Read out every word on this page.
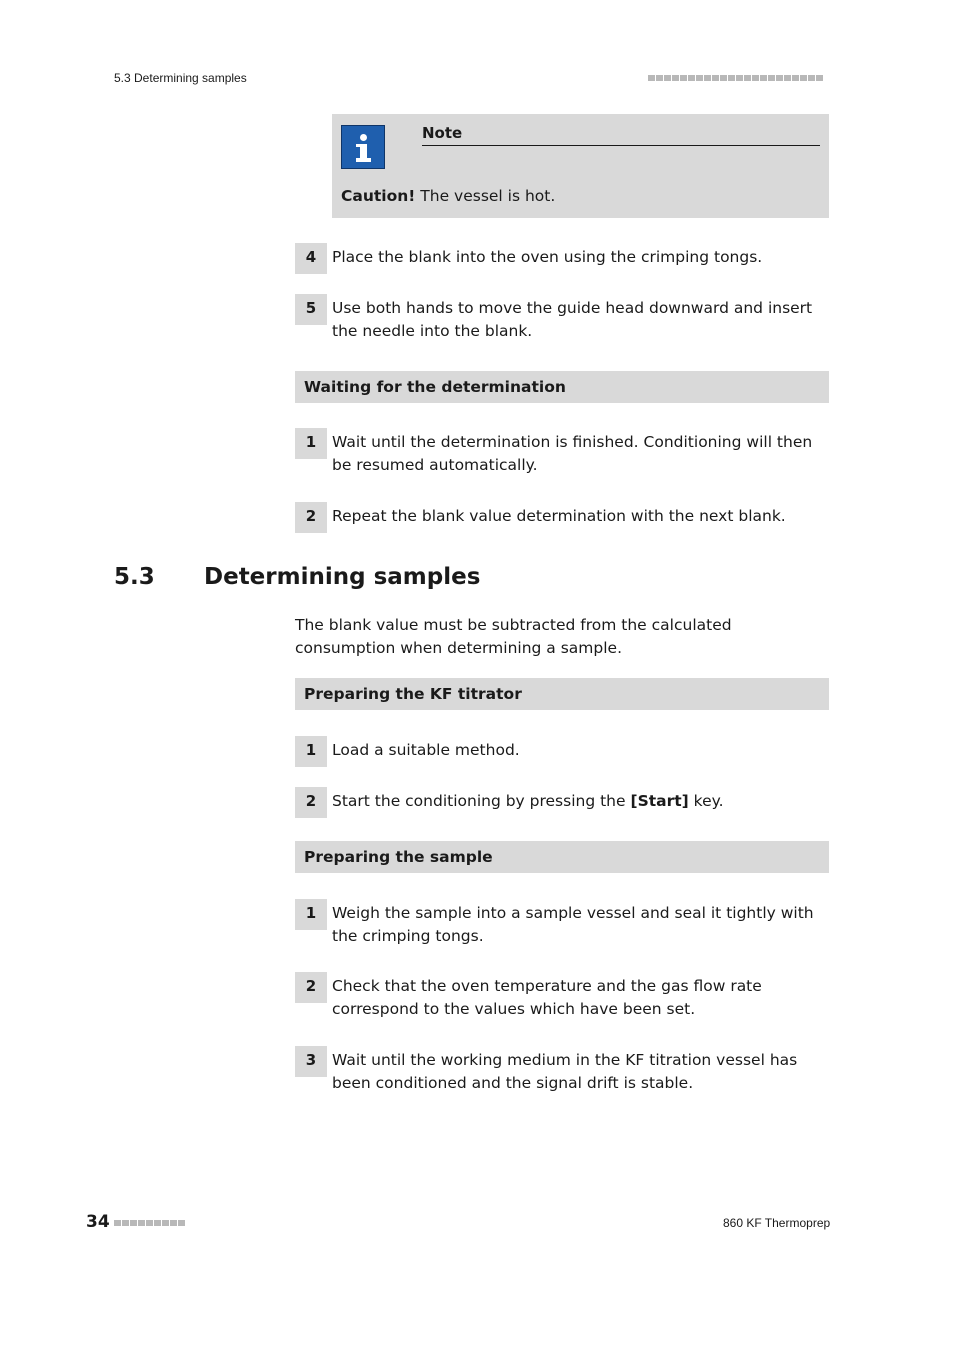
5.3 Determining samples
Note
Caution! The vessel is hot.
4	Place the blank into the oven using the crimping tongs.
5	Use both hands to move the guide head downward and insert the needle into the blank.
Waiting for the determination
1	Wait until the determination is finished. Conditioning will then be resumed automatically.
2	Repeat the blank value determination with the next blank.
5.3 Determining samples
The blank value must be subtracted from the calculated consumption when determining a sample.
Preparing the KF titrator
1	Load a suitable method.
2	Start the conditioning by pressing the [Start] key.
Preparing the sample
1	Weigh the sample into a sample vessel and seal it tightly with the crimping tongs.
2	Check that the oven temperature and the gas flow rate correspond to the values which have been set.
3	Wait until the working medium in the KF titration vessel has been conditioned and the signal drift is stable.
34	860 KF Thermoprep
